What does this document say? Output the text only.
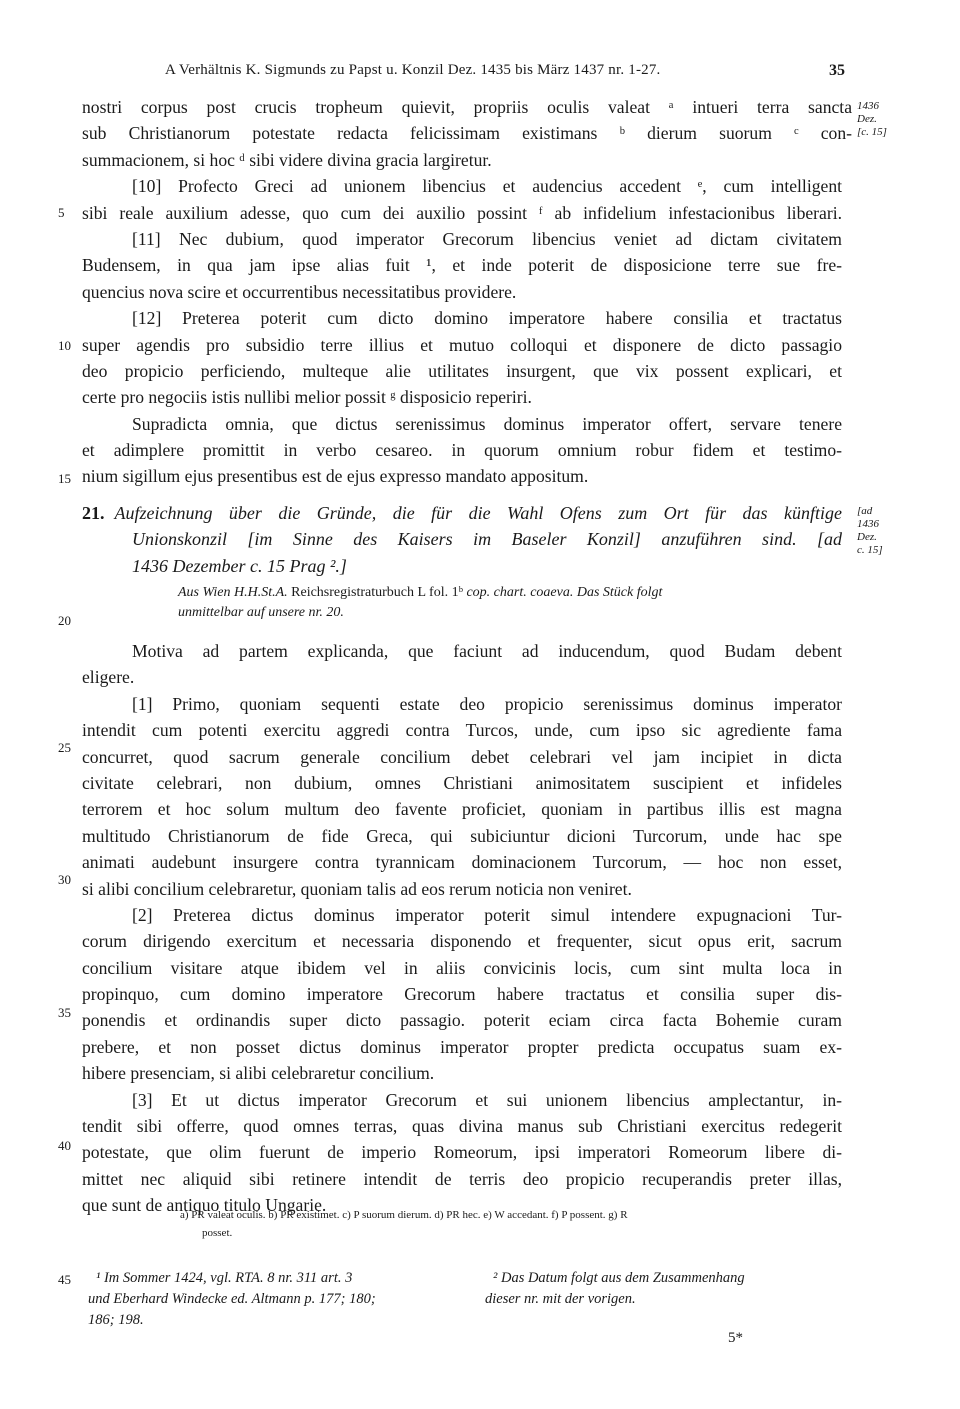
A Verhältnis K. Sigmunds zu Papst u. Konzil Dez. 1435 bis März 1437 nr. 1-27.	35
1436
Dez.
[c. 15]
5
10
15
20
25
30
35
40
45
nostri corpus post crucis tropheum quievit, propriis oculis valeat ᵃ intueri terra sancta
sub Christianorum potestate redacta felicissimam existimans ᵇ dierum suorum ᶜ con-
summacionem, si hoc ᵈ sibi videre divina gracia largiretur.
[10] Profecto Greci ad unionem libencius et audencius accedent ᵉ, cum intelligent
sibi reale auxilium adesse, quo cum dei auxilio possint ᶠ ab infidelium infestacionibus liberari.
[11] Nec dubium, quod imperator Grecorum libencius veniet ad dictam civitatem
Budensem, in qua jam ipse alias fuit ¹, et inde poterit de disposicione terre sue fre-
quencius nova scire et occurrentibus necessitatibus providere.
[12] Preterea poterit cum dicto domino imperatore habere consilia et tractatus
super agendis pro subsidio terre illius et mutuo colloqui et disponere de dicto passagio
deo propicio perficiendo, multeque alie utilitates insurgent, que vix possent explicari, et
certe pro negociis istis nullibi melior possit ᵍ disposicio reperiri.
Supradicta omnia, que dictus serenissimus dominus imperator offert, servare tenere
et adimplere promittit in verbo cesareo. in quorum omnium robur fidem et testimo-
nium sigillum ejus presentibus est de ejus expresso mandato appositum.
21. Aufzeichnung über die Gründe, die für die Wahl Ofens zum Ort für das künftige
Unionskonzil [im Sinne des Kaisers im Baseler Konzil] anzuführen sind. [ad
1436 Dezember c. 15 Prag ².]
[ad
1436
Dez.
c. 15]
Aus Wien H.H.St.A. Reichsregistraturbuch L fol. 1ᵇ cop. chart. coaeva. Das Stück folgt
unmittelbar auf unsere nr. 20.
Motiva ad partem explicanda, que faciunt ad inducendum, quod Budam debent
eligere.
[1] Primo, quoniam sequenti estate deo propicio serenissimus dominus imperator
intendit cum potenti exercitu aggredi contra Turcos, unde, cum ipso sic agrediente fama
concurret, quod sacrum generale concilium debet celebrari vel jam incipiet in dicta
civitate celebrari, non dubium, omnes Christiani animositatem suscipient et infideles
terrorem et hoc solum multum deo favente proficiet, quoniam in partibus illis est magna
multitudo Christianorum de fide Greca, qui subiciuntur dicioni Turcorum, unde hac spe
animati audebunt insurgere contra tyrannicam dominacionem Turcorum, — hoc non esset,
si alibi concilium celebraretur, quoniam talis ad eos rerum noticia non veniret.
[2] Preterea dictus dominus imperator poterit simul intendere expugnacioni Tur-
corum dirigendo exercitum et necessaria disponendo et frequenter, sicut opus erit, sacrum
concilium visitare atque ibidem vel in aliis convicinis locis, cum sint multa loca in
propinquo, cum domino imperatore Grecorum habere tractatus et consilia super dis-
ponendis et ordinandis super dicto passagio. poterit eciam circa facta Bohemie curam
prebere, et non posset dictus dominus imperator propter predicta occupatus suam ex-
hibere presenciam, si alibi celebraretur concilium.
[3] Et ut dictus imperator Grecorum et sui unionem libencius amplectantur, in-
tendit sibi offerre, quod omnes terras, quas divina manus sub Christiani exercitus redegerit
potestate, que olim fuerunt de imperio Romeorum, ipsi imperatori Romeorum libere di-
mittet nec aliquid sibi retinere intendit de terris deo propicio recuperandis preter illas,
que sunt de antiquo titulo Ungarie.
a) PR valeat oculis. b) PR existimet. c) P suorum dierum. d) PR hec. e) W accedant. f) P possent. g) R
posset.
¹ Im Sommer 1424, vgl. RTA. 8 nr. 311 art. 3
und Eberhard Windecke ed. Altmann p. 177; 180;
186; 198.
² Das Datum folgt aus dem Zusammenhang
dieser nr. mit der vorigen.
5*
